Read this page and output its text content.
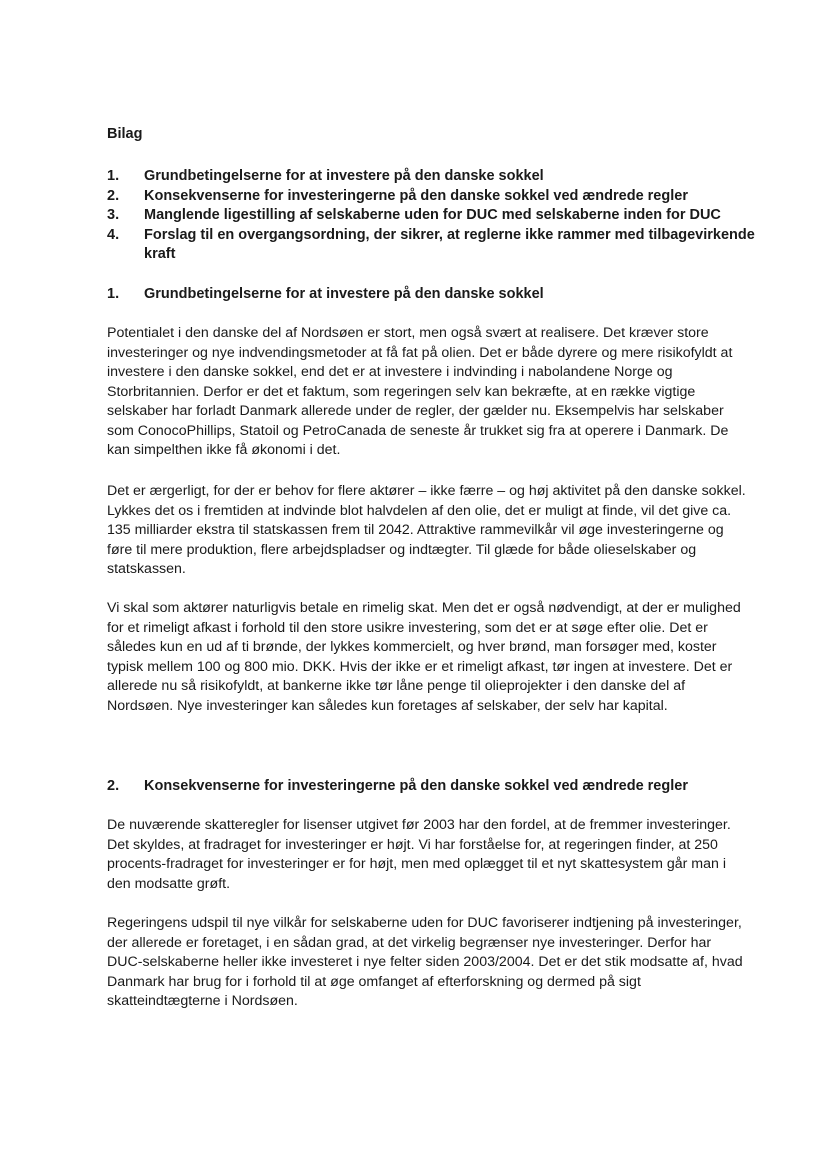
Bilag
1.	Grundbetingelserne for at investere på den danske sokkel
2.	Konsekvenserne for investeringerne på den danske sokkel ved ændrede regler
3.	Manglende ligestilling af selskaberne uden for DUC med selskaberne inden for DUC
4.	Forslag til en overgangsordning, der sikrer, at reglerne ikke rammer med tilbagevirkende kraft
1.	Grundbetingelserne for at investere på den danske sokkel

Potentialet i den danske del af Nordsøen er stort, men også svært at realisere. Det kræver store investeringer og nye indvendingsmetoder at få fat på olien. Det er både dyrere og mere risikofyldt at investere i den danske sokkel, end det er at investere i indvinding i nabolandene Norge og Storbritannien. Derfor er det et faktum, som regeringen selv kan bekræfte, at en række vigtige selskaber har forladt Danmark allerede under de regler, der gælder nu. Eksempelvis har selskaber som ConocoPhillips, Statoil og PetroCanada de seneste år trukket sig fra at operere i Danmark. De kan simpelthen ikke få økonomi i det.

Det er ærgerligt, for der er behov for flere aktører – ikke færre – og høj aktivitet på den danske sokkel. Lykkes det os i fremtiden at indvinde blot halvdelen af den olie, det er muligt at finde, vil det give ca. 135 milliarder ekstra til statskassen frem til 2042. Attraktive rammevilkår vil øge investeringerne og føre til mere produktion, flere arbejdspladser og indtægter. Til glæde for både olieselskaber og statskassen.

Vi skal som aktører naturligvis betale en rimelig skat. Men det er også nødvendigt, at der er mulighed for et rimeligt afkast i forhold til den store usikre investering, som det er at søge efter olie. Det er således kun en ud af ti brønde, der lykkes kommercielt, og hver brønd, man forsøger med, koster typisk mellem 100 og 800 mio. DKK. Hvis der ikke er et rimeligt afkast, tør ingen at investere. Det er allerede nu så risikofyldt, at bankerne ikke tør låne penge til olieprojekter i den danske del af Nordsøen. Nye investeringer kan således kun foretages af selskaber, der selv har kapital.

2.	Konsekvenserne for investeringerne på den danske sokkel ved ændrede regler

De nuværende skatteregler for lisenser utgivet før 2003 har den fordel, at de fremmer investeringer. Det skyldes, at fradraget for investeringer er højt. Vi har forståelse for, at regeringen finder, at 250 procents-fradraget for investeringer er for højt, men med oplægget til et nyt skattesystem går man i den modsatte grøft.

Regeringens udspil til nye vilkår for selskaberne uden for DUC favoriserer indtjening på investeringer, der allerede er foretaget, i en sådan grad, at det virkelig begrænser nye investeringer. Derfor har DUC-selskaberne heller ikke investeret i nye felter siden 2003/2004. Det er det stik modsatte af, hvad Danmark har brug for i forhold til at øge omfanget af efterforskning og dermed på sigt skatteindtægterne i Nordsøen.
